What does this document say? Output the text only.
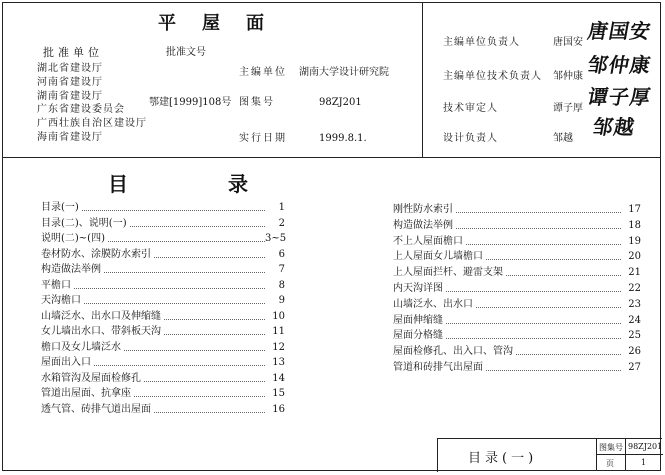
平屋面
批准单位	批准文号
湖北省建设厅
河南省建设厅
湖南省建设厅
广东省建设委员会
广西壮族自治区建设厅
海南省建设厅
鄂建[1999]108号
主编单位 湖南大学设计研究院
图集号	98ZJ201
实行日期	1999.8.1.
主编单位负责人	唐国安 唐国安
主编单位技术负责人 邹仲康 邹仲康
技术审定人	谭子厚 谭子厚
设计负责人	邹越 邹越
目	录
目录(一)	1
目录(二)、说明(一)	2
说明(二)~(四)	3~5
卷材防水、涂膜防水索引	6
构造做法举例	7
平檐口	8
天沟檐口	9
山墙泛水、出水口及伸缩缝	10
女儿墙出水口、带斜板天沟	11
檐口及女儿墙泛水	12
屋面出入口	13
水箱管沟及屋面检修孔	14
管道出屋面、抗拿座	15
透气管、砖排气道出屋面	16
刚性防水索引	17
构造做法举例	18
不上人屋面檐口	19
上人屋面女儿墙檐口	20
上人屋面拦杆、避雷支架	21
内天沟详图	22
山墙泛水、出水口	23
屋面伸缩缝	24
屋面分格缝	25
屋面检修孔、出入口、管沟	26
管道和砖排气出屋面	27
目录(一)
图集号 98ZJ201
页	1
